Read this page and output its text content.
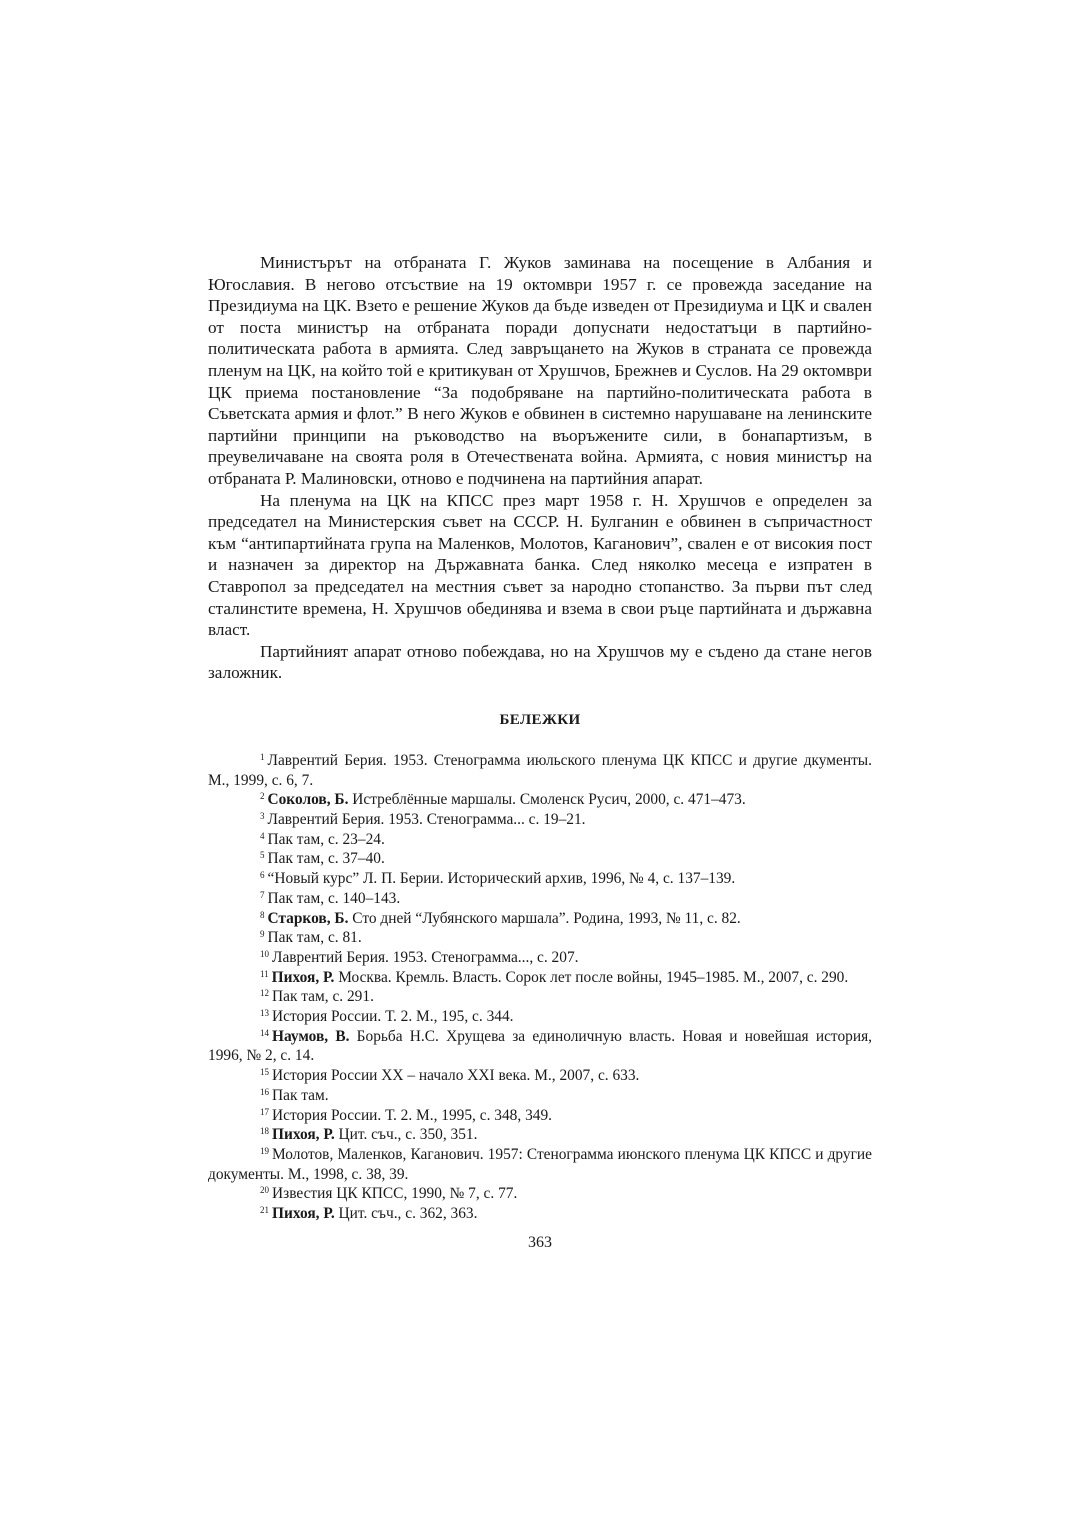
Министърът на отбраната Г. Жуков заминава на посещение в Албания и Югославия. В негово отсъствие на 19 октомври 1957 г. се провежда заседание на Президиума на ЦК. Взето е решение Жуков да бъде изведен от Президиума и ЦК и свален от поста министър на отбраната поради допуснати недостатъци в партийно-политическата работа в армията. След завръщането на Жуков в страната се провежда пленум на ЦК, на който той е критикуван от Хрушчов, Брежнев и Суслов. На 29 октомври ЦК приема постановление “За подобряване на партийно-политическата работа в Съветската армия и флот.” В него Жуков е обвинен в системно нарушаване на ленинските партийни принципи на ръководство на въоръжените сили, в бонапартизъм, в преувеличаване на своята роля в Отечествената война. Армията, с новия министър на отбраната Р. Малиновски, отново е подчинена на партийния апарат.

На пленума на ЦК на КПСС през март 1958 г. Н. Хрушчов е определен за председател на Министерския съвет на СССР. Н. Булганин е обвинен в съпричастност към “антипартийната група на Маленков, Молотов, Каганович”, свален е от високия пост и назначен за директор на Държавната банка. След няколко месеца е изпратен в Ставропол за председател на местния съвет за народно стопанство. За първи път след сталинстите времена, Н. Хрушчов обединява и взема в свои ръце партийната и държавна власт.

Партийният апарат отново побеждава, но на Хрушчов му е съдено да стане негов заложник.

БЕЛЕЖКИ

$^1$ Лаврентий Берия. 1953. Стенограмма июльского пленума ЦК КПСС и другие дкументы. М., 1999, с. 6, 7.

$^2$ Соколов, Б. Истреблённые маршалы. Смоленск Русич, 2000, с. 471–473.

$^3$ Лаврентий Берия. 1953. Стенограмма... с. 19–21.

$^4$ Пак там, с. 23–24.

$^5$ Пак там, с. 37–40.

$^6$ “Новый курс” Л. П. Берии. Исторический архив, 1996, № 4, с. 137–139.

$^7$ Пак там, с. 140–143.

$^8$ Старков, Б. Сто дней “Лубянского маршала”. Родина, 1993, № 11, с. 82.

$^9$ Пак там, с. 81.

$^{10}$ Лаврентий Берия. 1953. Стенограмма..., с. 207.

$^{11}$ Пихоя, Р. Москва. Кремль. Власть. Сорок лет после войны, 1945–1985. М., 2007, с. 290.

$^{12}$ Пак там, с. 291.

$^{13}$ История России. Т. 2. М., 195, с. 344.

$^{14}$ Наумов, В. Борьба Н.С. Хрущева за единоличную власть. Новая и новейшая история, 1996, № 2, с. 14.

$^{15}$ История России ХХ – начало ХХI века. М., 2007, с. 633.

$^{16}$ Пак там.

$^{17}$ История России. Т. 2. М., 1995, с. 348, 349.

$^{18}$ Пихоя, Р. Цит. съч., с. 350, 351.

$^{19}$ Молотов, Маленков, Каганович. 1957: Стенограмма июнского пленума ЦК КПСС и другие документы. М., 1998, с. 38, 39.

$^{20}$ Известия ЦК КПСС, 1990, № 7, с. 77.

$^{21}$ Пихоя, Р. Цит. съч., с. 362, 363.

363
